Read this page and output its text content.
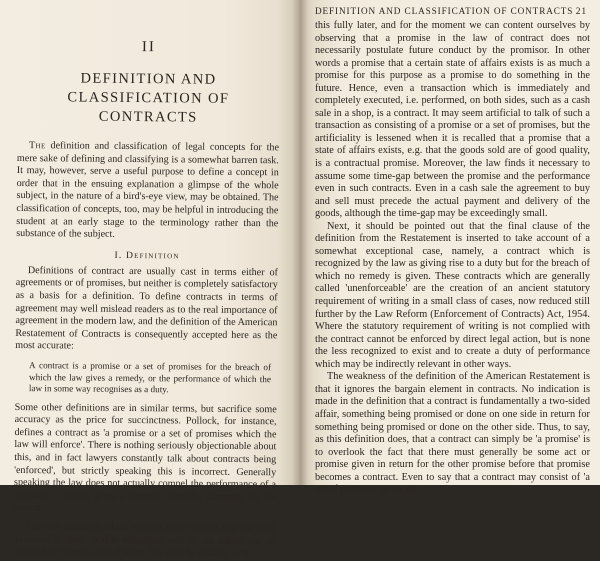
II
DEFINITION AND CLASSIFICATION OF CONTRACTS

The definition and classification of legal concepts for the mere sake of defining and classifying is a somewhat barren task. It may, however, serve a useful purpose to define a concept in order that in the ensuing explanation a glimpse of the whole subject, in the nature of a bird's-eye view, may be obtained. The classification of concepts, too, may be helpful in introducing the student at an early stage to the terminology rather than the substance of the subject.

I. Definition

Definitions of contract are usually cast in terms either of agreements or of promises, but neither is completely satisfactory as a basis for a definition. To define contracts in terms of agreement may well mislead readers as to the real importance of agreement in the modern law, and the definition of the American Restatement of Contracts is consequently accepted here as the most accurate:

A contract is a promise or a set of promises for the breach of which the law gives a remedy, or the performance of which the law in some way recognises as a duty.

Some other definitions are in similar terms, but sacrifice some accuracy as the price for succinctness. Pollock, for instance, defines a contract as 'a promise or a set of promises which the law will enforce'. There is nothing seriously objectionable about this, and in fact lawyers constantly talk about contracts being 'enforced', but strictly speaking this is incorrect. Generally speaking the law does not actually compel the performance of a contract, it merely gives a remedy, normally damages, for the breach.

The next comment which requires to be made is that the word 'promise' is used in this definition, and in the whole law of contract in rather a special sense. We shall be dealing with

DEFINITION AND CLASSIFICATION OF CONTRACTS 21

this fully later, and for the moment we can content ourselves by observing that a promise in the law of contract does not necessarily postulate future conduct by the promisor. In other words a promise that a certain state of affairs exists is as much a promise for this purpose as a promise to do something in the future. Hence, even a transaction which is immediately and completely executed, i.e. performed, on both sides, such as a cash sale in a shop, is a contract. It may seem artificial to talk of such a transaction as consisting of a promise or a set of promises, but the artificiality is lessened when it is recalled that a promise that a state of affairs exists, e.g. that the goods sold are of good quality, is a contractual promise. Moreover, the law finds it necessary to assume some time-gap between the promise and the performance even in such contracts. Even in a cash sale the agreement to buy and sell must precede the actual payment and delivery of the goods, although the time-gap may be exceedingly small.

Next, it should be pointed out that the final clause of the definition from the Restatement is inserted to take account of a somewhat exceptional case, namely, a contract which is recognized by the law as giving rise to a duty but for the breach of which no remedy is given. These contracts which are generally called 'unenforceable' are the creation of an ancient statutory requirement of writing in a small class of cases, now reduced still further by the Law Reform (Enforcement of Contracts) Act, 1954. Where the statutory requirement of writing is not complied with the contract cannot be enforced by direct legal action, but is none the less recognized to exist and to create a duty of performance which may be indirectly relevant in other ways.

The weakness of the definition of the American Restatement is that it ignores the bargain element in contracts. No indication is made in the definition that a contract is fundamentally a two-sided affair, something being promised or done on one side in return for something being promised or done on the other side. Thus, to say, as this definition does, that a contract can simply be 'a promise' is to overlook the fact that there must generally be some act or promise given in return for the other promise before that promise becomes a contract. Even to say that a contract may consist of 'a set of promises' gives no
